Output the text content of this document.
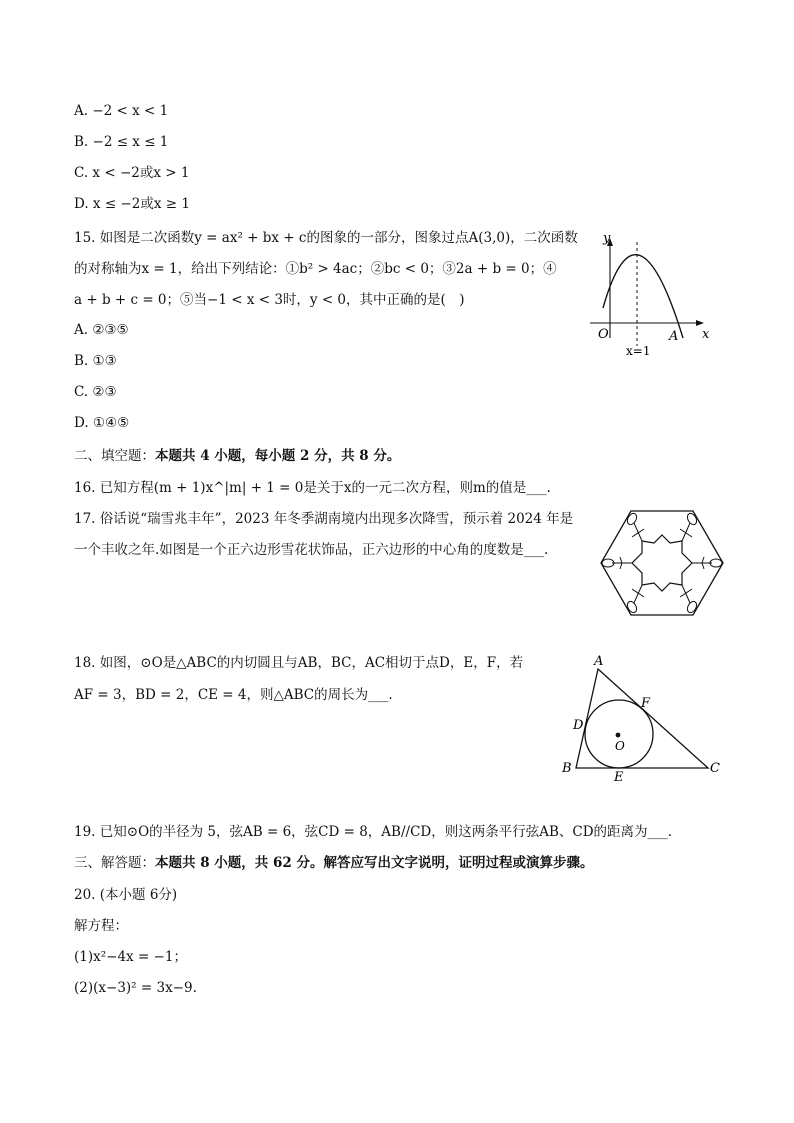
A. −2 < x < 1
B. −2 ≤ x ≤ 1
C. x < −2或x > 1
D. x ≤ −2或x ≥ 1
15. 如图是二次函数y = ax² + bx + c的图象的一部分，图象过点A(3,0)，二次函数
的对称轴为x = 1，给出下列结论：①b² > 4ac；②bc < 0；③2a + b = 0；④
a + b + c = 0；⑤当−1 < x < 3时，y < 0，其中正确的是(　)
A. ②③⑤
B. ①③
C. ②③
D. ①④⑤
y
x
O	A
x=1
二、填空题：本题共 4 小题，每小题 2 分，共 8 分。
16. 已知方程(m + 1)x^|m| + 1 = 0是关于x的一元二次方程，则m的值是___.
17. 俗话说“瑞雪兆丰年”，2023 年冬季湖南境内出现多次降雪，预示着 2024 年是
一个丰收之年.如图是一个正六边形雪花状饰品，正六边形的中心角的度数是___.
18. 如图，⊙O是△ABC的内切圆且与AB，BC，AC相切于点D，E，F，若
AF = 3，BD = 2，CE = 4，则△ABC的周长为___.
A
B	C
D
E
F
O
19. 已知⊙O的半径为 5，弦AB = 6，弦CD = 8，AB//CD，则这两条平行弦AB、CD的距离为___.
三、解答题：本题共 8 小题，共 62 分。解答应写出文字说明，证明过程或演算步骤。
20. (本小题 6分)
解方程：
(1)x²−4x = −1；
(2)(x−3)² = 3x−9.
